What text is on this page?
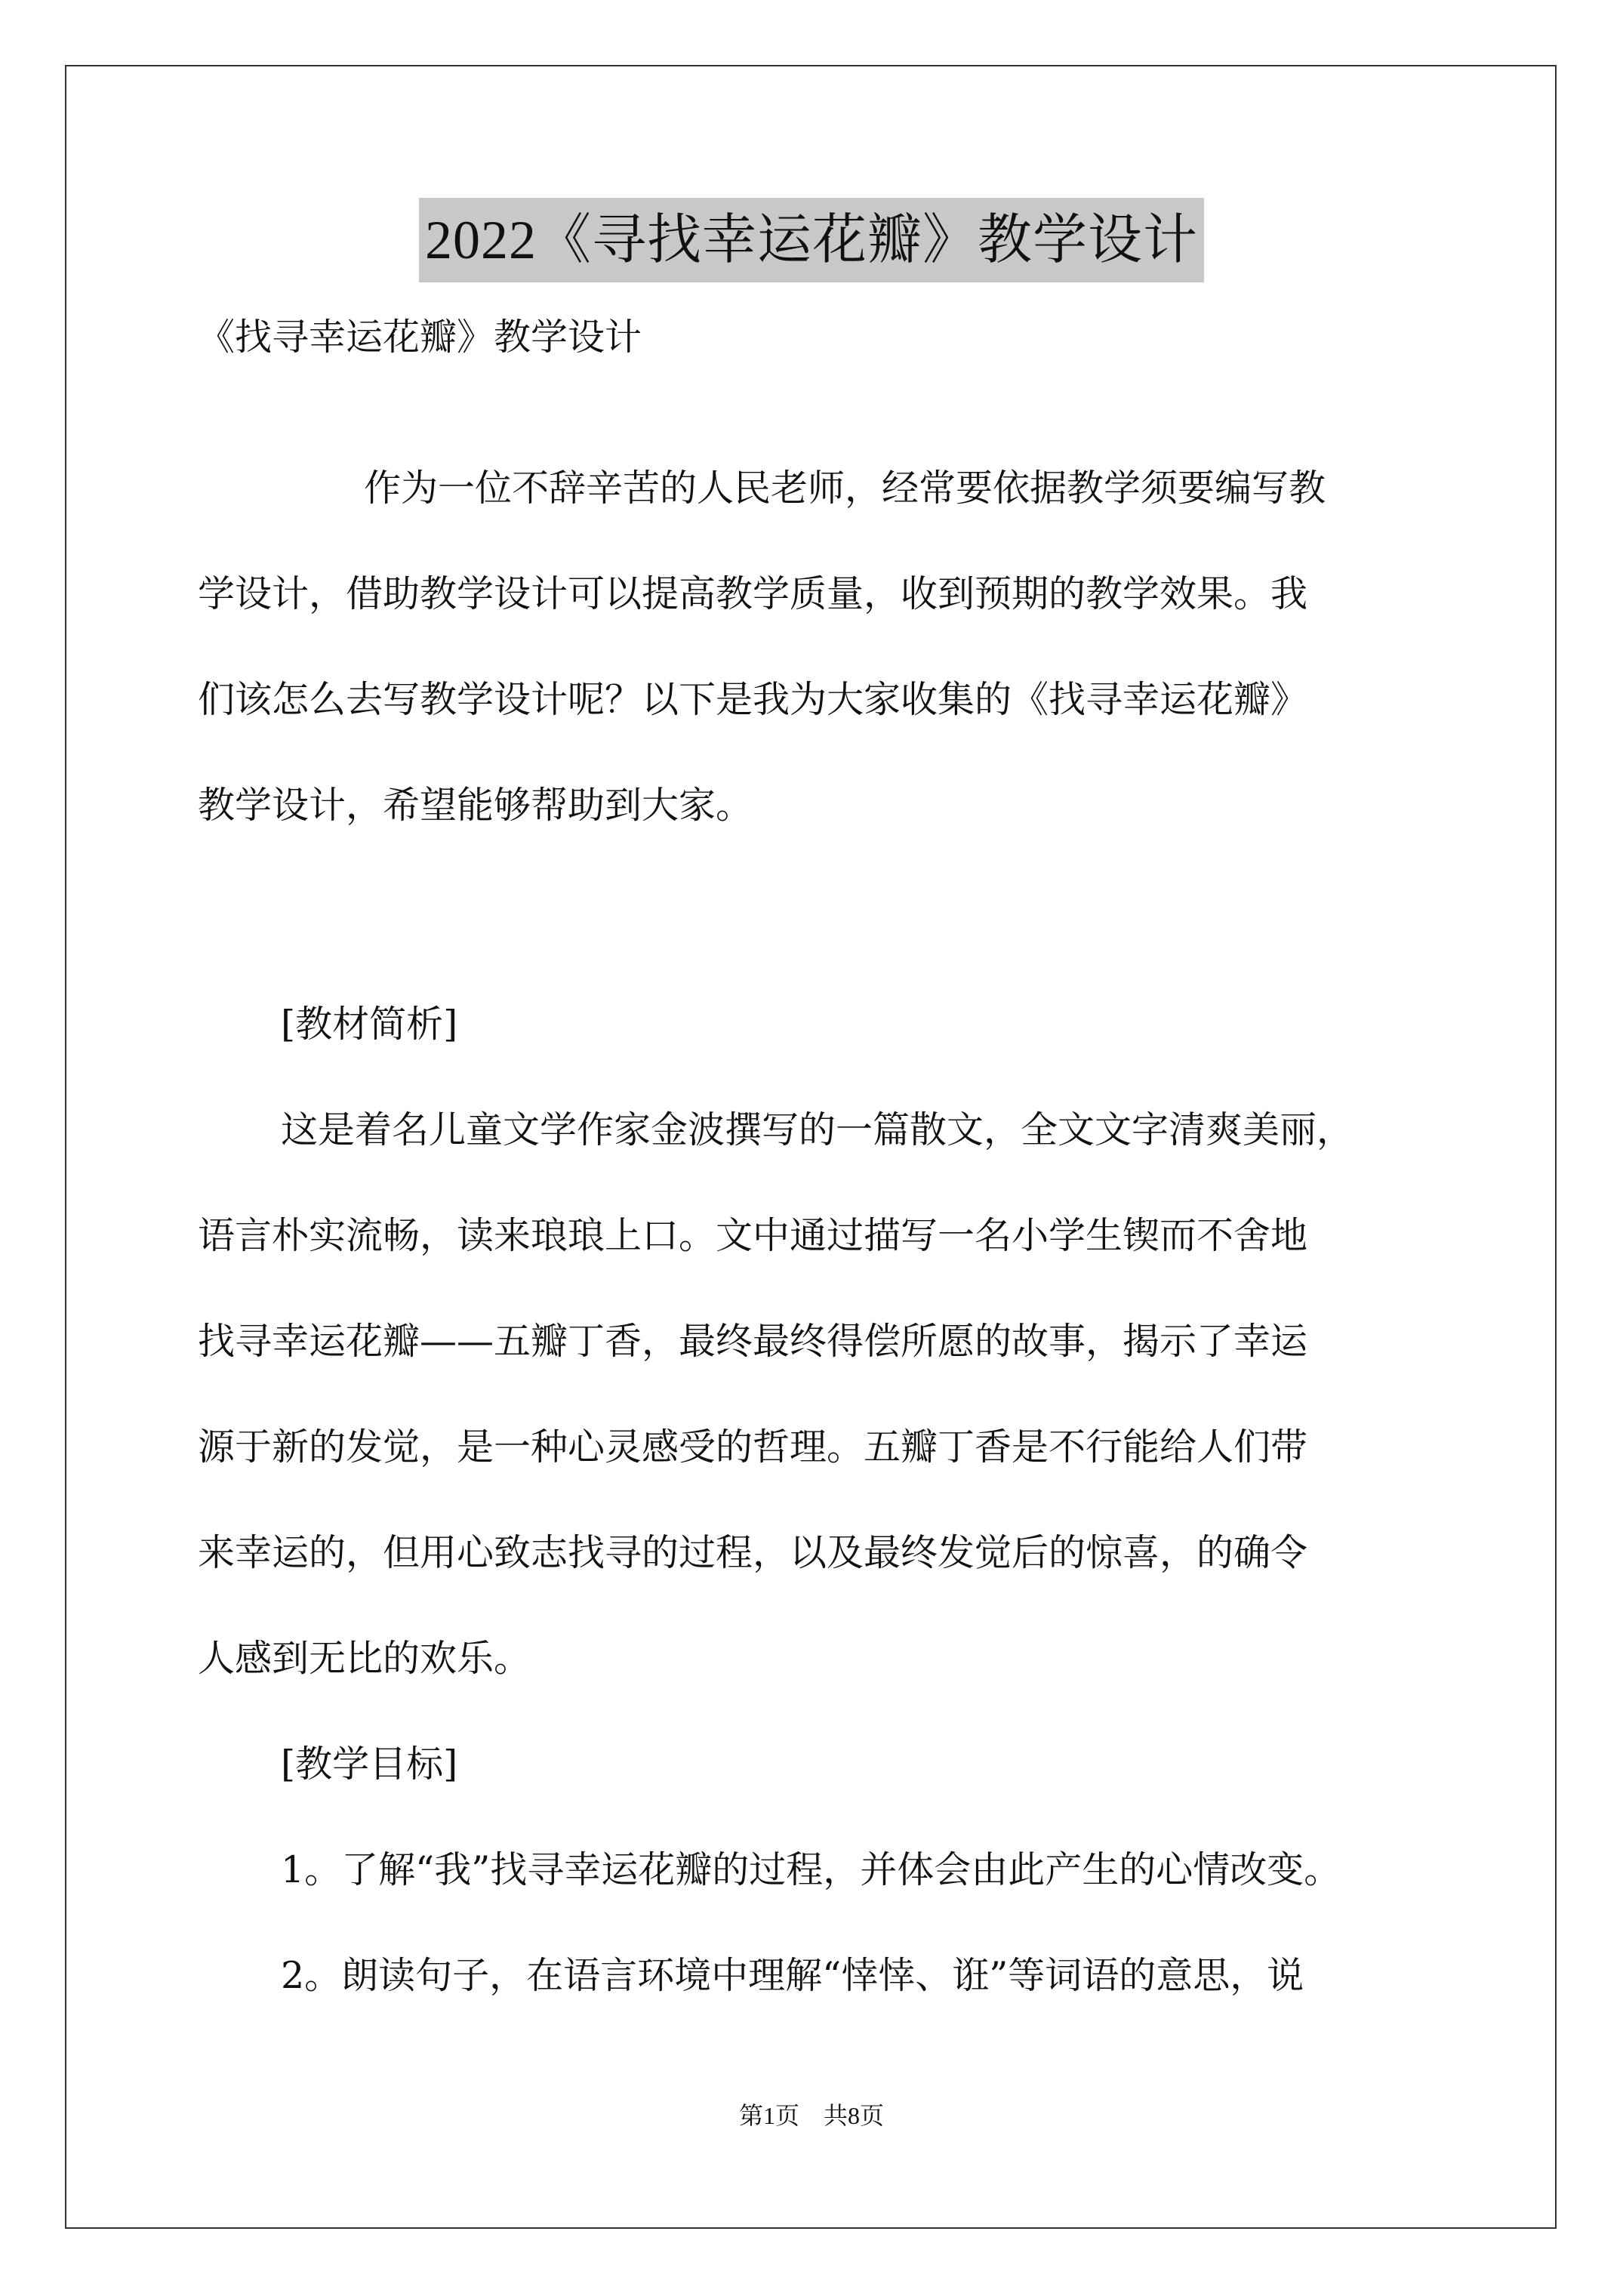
2022《寻找幸运花瓣》教学设计
《找寻幸运花瓣》教学设计
作为一位不辞辛苦的人民老师，经常要依据教学须要编写教
学设计，借助教学设计可以提高教学质量，收到预期的教学效果。我
们该怎么去写教学设计呢？以下是我为大家收集的《找寻幸运花瓣》
教学设计，希望能够帮助到大家。
[教材简析]
这是着名儿童文学作家金波撰写的一篇散文，全文文字清爽美丽，
语言朴实流畅，读来琅琅上口。文中通过描写一名小学生锲而不舍地
找寻幸运花瓣——五瓣丁香，最终最终得偿所愿的故事，揭示了幸运
源于新的发觉，是一种心灵感受的哲理。五瓣丁香是不行能给人们带
来幸运的，但用心致志找寻的过程，以及最终发觉后的惊喜，的确令
人感到无比的欢乐。
[教学目标]
1。了解“我”找寻幸运花瓣的过程，并体会由此产生的心情改变。
2。朗读句子，在语言环境中理解“悻悻、诳”等词语的意思，说
第1页　共8页
